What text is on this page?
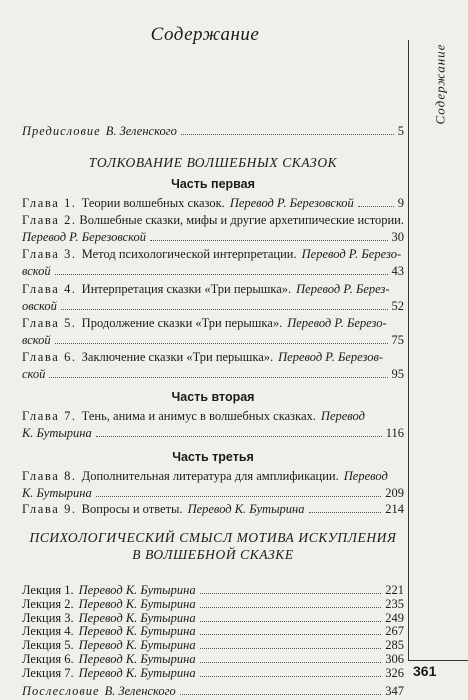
Содержание
Содержание
361
Предисловие В. Зеленского	5
ТОЛКОВАНИЕ ВОЛШЕБНЫХ СКАЗОК
Часть первая
Глава 1. Теории волшебных сказок. Перевод Р. Березовской	9
Глава 2. Волшебные сказки, мифы и другие архетипические истории.
Перевод Р. Березовской	30
Глава 3. Метод психологической интерпретации. Перевод Р. Березо-
вской	43
Глава 4. Интерпретация сказки «Три перышка». Перевод Р. Берез-
овской	52
Глава 5. Продолжение сказки «Три перышка». Перевод Р. Березо-
вской	75
Глава 6. Заключение сказки «Три перышка». Перевод Р. Березов-
ской	95
Часть вторая
Глава 7. Тень, анима и анимус в волшебных сказках. Перевод
К. Бутырина	116
Часть третья
Глава 8. Дополнительная литература для амплификации. Перевод
К. Бутырина	209
Глава 9. Вопросы и ответы. Перевод К. Бутырина	214
ПСИХОЛОГИЧЕСКИЙ СМЫСЛ МОТИВА ИСКУПЛЕНИЯ
В ВОЛШЕБНОЙ СКАЗКЕ
Лекция 1. Перевод К. Бутырина	221
Лекция 2. Перевод К. Бутырина	235
Лекция 3. Перевод К. Бутырина	249
Лекция 4. Перевод К. Бутырина	267
Лекция 5. Перевод К. Бутырина	285
Лекция 6. Перевод К. Бутырина	306
Лекция 7. Перевод К. Бутырина	326
Послесловие В. Зеленского	347
